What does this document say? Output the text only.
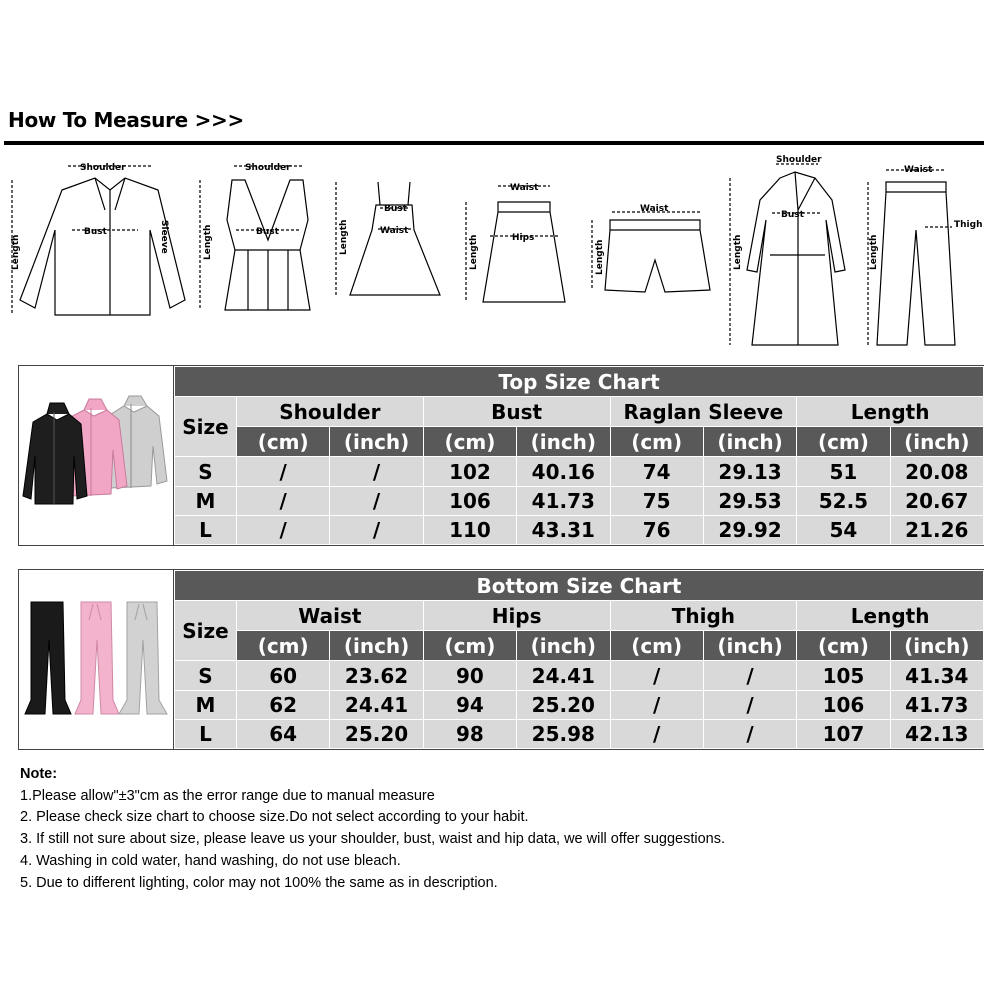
How To Measure >>>
Shoulder
Bust
Length	Sleeve
Shoulder
Bust
Length
Bust
Waist
Length
Waist
Hips
Length
Waist
Length
Shoulder
Bust
Length
Waist
Thigh
Length
Top Size Chart								
Size	Shoulder		Bust		Raglan Sleeve		Length	
	(cm)	(inch)	(cm)	(inch)	(cm)	(inch)	(cm)	(inch)
S	/	/	102	40.16	74	29.13	51	20.08
M	/	/	106	41.73	75	29.53	52.5	20.67
L	/	/	110	43.31	76	29.92	54	21.26
Bottom Size Chart								
Size	Waist		Hips		Thigh		Length	
	(cm)	(inch)	(cm)	(inch)	(cm)	(inch)	(cm)	(inch)
S	60	23.62	90	24.41	/	/	105	41.34
M	62	24.41	94	25.20	/	/	106	41.73
L	64	25.20	98	25.98	/	/	107	42.13
Note:
1.Please allow"±3"cm as the error range due to manual measure
2. Please check size chart to choose size.Do not select according to your habit.
3. If still not sure about size, please leave us your shoulder, bust, waist and hip data, we will offer suggestions.
4. Washing in cold water, hand washing, do not use bleach.
5. Due to different lighting, color may not 100% the same as in description.
